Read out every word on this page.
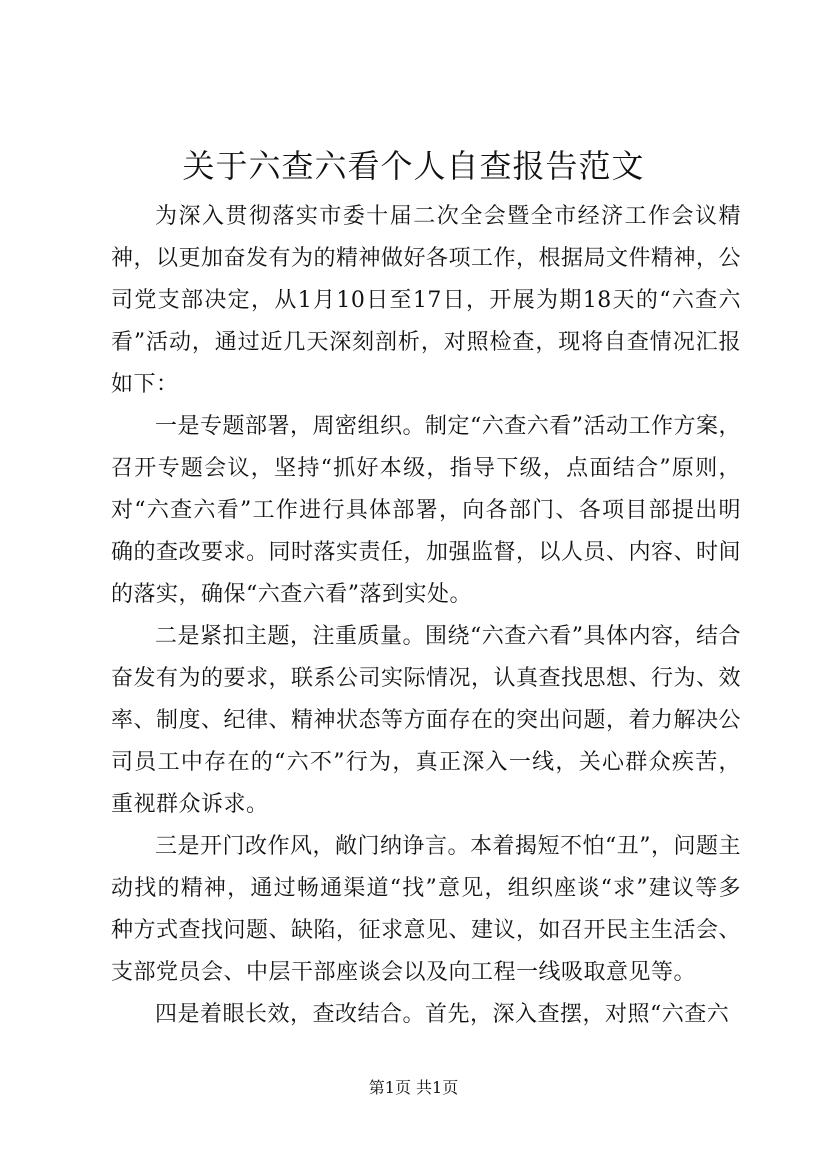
关于六查六看个人自查报告范文

为深入贯彻落实市委十届二次全会暨全市经济工作会议精神，以更加奋发有为的精神做好各项工作，根据局文件精神，公司党支部决定，从1月10日至17日，开展为期18天的“六查六看”活动，通过近几天深刻剖析，对照检查，现将自查情况汇报如下：

一是专题部署，周密组织。制定“六查六看”活动工作方案，召开专题会议，坚持“抓好本级，指导下级，点面结合”原则，对“六查六看”工作进行具体部署，向各部门、各项目部提出明确的查改要求。同时落实责任，加强监督，以人员、内容、时间的落实，确保“六查六看”落到实处。

二是紧扣主题，注重质量。围绕“六查六看”具体内容，结合奋发有为的要求，联系公司实际情况，认真查找思想、行为、效率、制度、纪律、精神状态等方面存在的突出问题，着力解决公司员工中存在的“六不”行为，真正深入一线，关心群众疾苦，重视群众诉求。

三是开门改作风，敞门纳诤言。本着揭短不怕“丑”，问题主动找的精神，通过畅通渠道“找”意见，组织座谈“求”建议等多种方式查找问题、缺陷，征求意见、建议，如召开民主生活会、支部党员会、中层干部座谈会以及向工程一线吸取意见等。

四是着眼长效，查改结合。首先，深入查摆，对照“六查六

第1页 共1页
